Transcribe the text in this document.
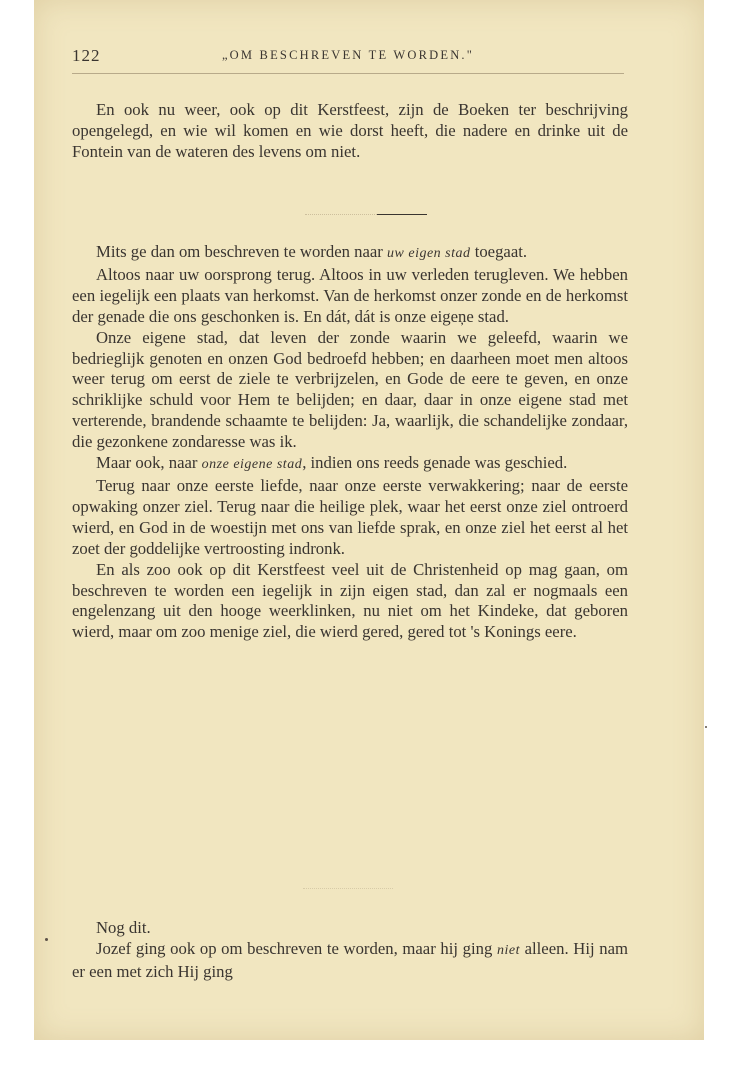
122	„OM BESCHREVEN TE WORDEN."

En ook nu weer, ook op dit Kerstfeest, zijn de Boeken ter beschrijving opengelegd, en wie wil komen en wie dorst heeft, die nadere en drinke uit de Fontein van de wateren des levens om niet.

Mits ge dan om beschreven te worden naar uw eigen stad toegaat.

Altoos naar uw oorsprong terug. Altoos in uw verleden terugleven. We hebben een iegelijk een plaats van herkomst. Van de herkomst onzer zonde en de herkomst der genade die ons geschonken is. En dát, dát is onze eigeņe stad.

Onze eigene stad, dat leven der zonde waarin we geleefd, waarin we bedrieglijk genoten en onzen God bedroefd hebben; en daarheen moet men altoos weer terug om eerst de ziele te verbrijzelen, en Gode de eere te geven, en onze schriklijke schuld voor Hem te belijden; en daar, daar in onze eigene stad met verterende, brandende schaamte te belijden: Ja, waarlijk, die schandelijke zondaar, die gezonkene zondaresse was ik.

Maar ook, naar onze eigene stad, indien ons reeds genade was geschied.

Terug naar onze eerste liefde, naar onze eerste verwakkering; naar de eerste opwaking onzer ziel. Terug naar die heilige plek, waar het eerst onze ziel ontroerd wierd, en God in de woestijn met ons van liefde sprak, en onze ziel het eerst al het zoet der goddelijke vertroosting indronk.

En als zoo ook op dit Kerstfeest veel uit de Christenheid op mag gaan, om beschreven te worden een iegelijk in zijn eigen stad, dan zal er nogmaals een engelenzang uit den hooge weerklinken, nu niet om het Kindeke, dat geboren wierd, maar om zoo menige ziel, die wierd gered, gered tot 's Konings eere.

Nog dit.

Jozef ging ook op om beschreven te worden, maar hij ging niet alleen. Hij nam er een met zich Hij ging
